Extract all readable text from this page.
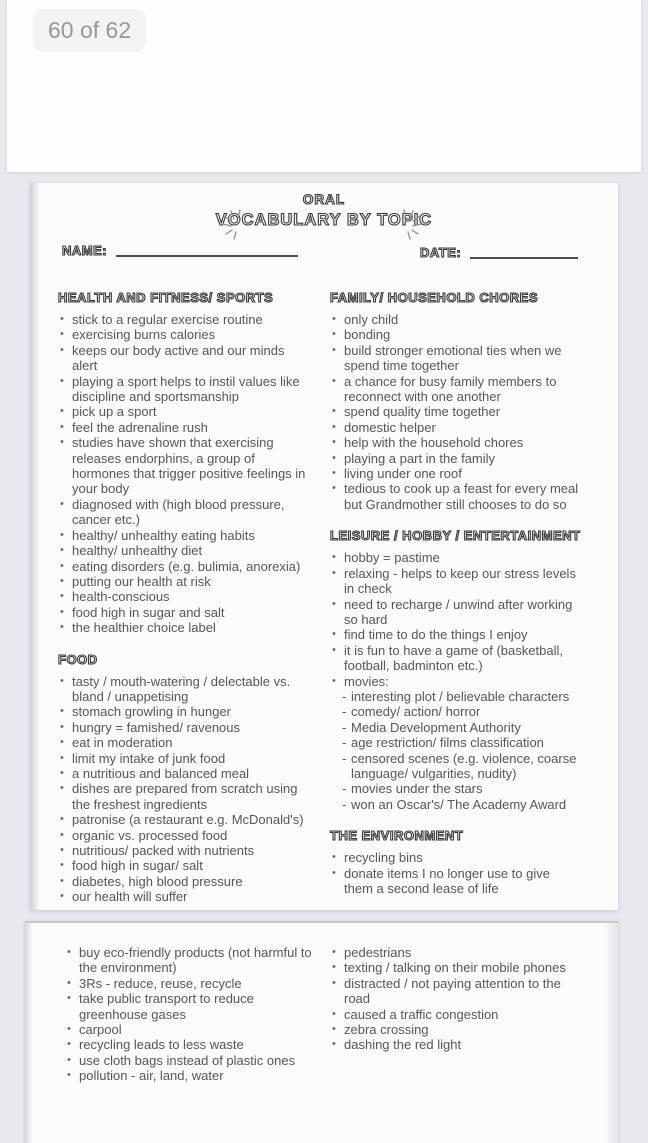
60 of 62
ORAL
VOCABULARY BY TOPIC
NAME:	DATE:
HEALTH AND FITNESS/ SPORTS
• stick to a regular exercise routine
• exercising burns calories
• keeps our body active and our minds alert
• playing a sport helps to instil values like discipline and sportsmanship
• pick up a sport
• feel the adrenaline rush
• studies have shown that exercising releases endorphins, a group of hormones that trigger positive feelings in your body
• diagnosed with (high blood pressure, cancer etc.)
• healthy/ unhealthy eating habits
• healthy/ unhealthy diet
• eating disorders (e.g. bulimia, anorexia)
• putting our health at risk
• health-conscious
• food high in sugar and salt
• the healthier choice label
FOOD
• tasty / mouth-watering / delectable vs. bland / unappetising
• stomach growling in hunger
• hungry = famished/ ravenous
• eat in moderation
• limit my intake of junk food
• a nutritious and balanced meal
• dishes are prepared from scratch using the freshest ingredients
• patronise (a restaurant e.g. McDonald's)
• organic vs. processed food
• nutritious/ packed with nutrients
• food high in sugar/ salt
• diabetes, high blood pressure
• our health will suffer
FAMILY/ HOUSEHOLD CHORES
• only child
• bonding
• build stronger emotional ties when we spend time together
• a chance for busy family members to reconnect with one another
• spend quality time together
• domestic helper
• help with the household chores
• playing a part in the family
• living under one roof
• tedious to cook up a feast for every meal but Grandmother still chooses to do so
LEISURE / HOBBY / ENTERTAINMENT
• hobby = pastime
• relaxing - helps to keep our stress levels in check
• need to recharge / unwind after working so hard
• find time to do the things I enjoy
• it is fun to have a game of (basketball, football, badminton etc.)
• movies:
- interesting plot / believable characters
- comedy/ action/ horror
- Media Development Authority
- age restriction/ films classification
- censored scenes (e.g. violence, coarse language/ vulgarities, nudity)
- movies under the stars
- won an Oscar's/ The Academy Award
THE ENVIRONMENT
• recycling bins
• donate items I no longer use to give them a second lease of life
• buy eco-friendly products (not harmful to the environment)
• 3Rs - reduce, reuse, recycle
• take public transport to reduce greenhouse gases
• carpool
• recycling leads to less waste
• use cloth bags instead of plastic ones
• pollution - air, land, water
• pedestrians
• texting / talking on their mobile phones
• distracted / not paying attention to the road
• caused a traffic congestion
• zebra crossing
• dashing the red light
